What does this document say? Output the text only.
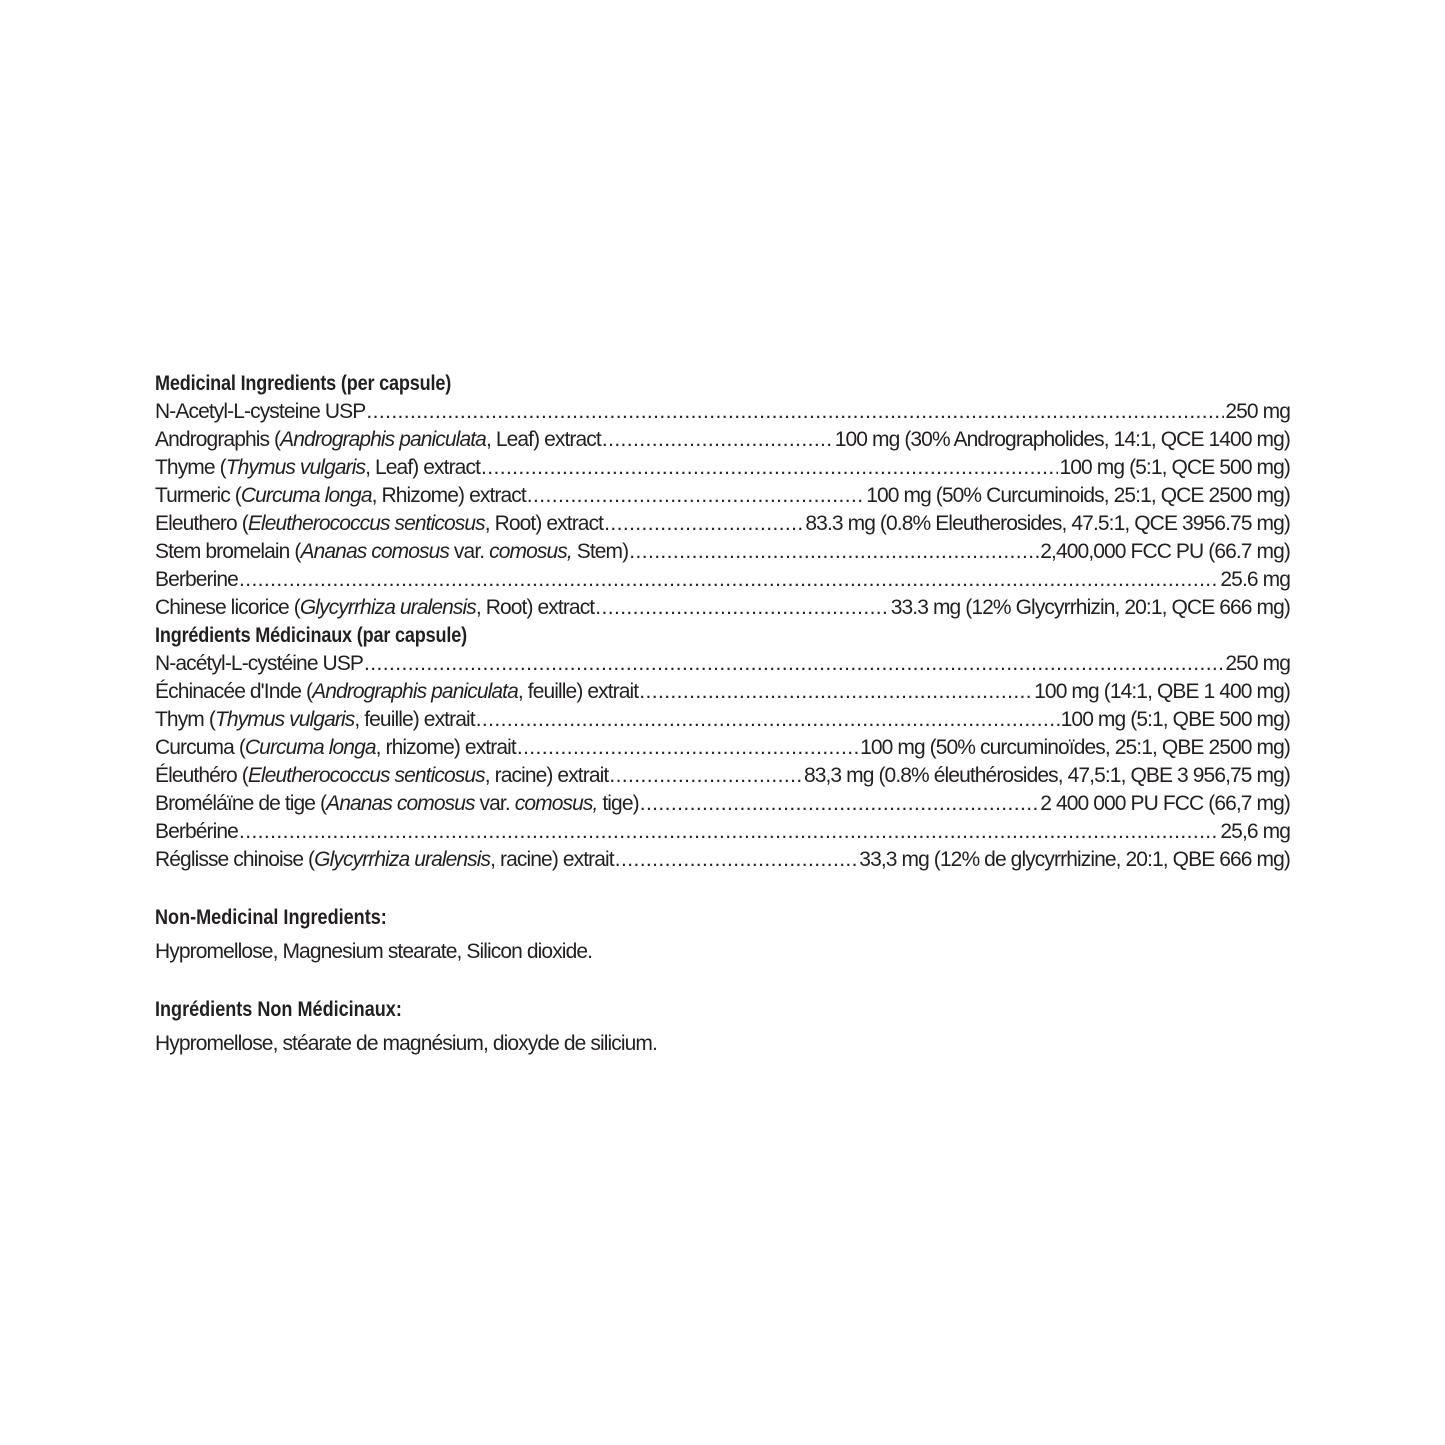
Medicinal Ingredients (per capsule)
N-Acetyl-L-cysteine USP .....	250 mg
Andrographis (Andrographis paniculata, Leaf) extract .....	100 mg (30% Andrographolides, 14:1, QCE 1400 mg)
Thyme (Thymus vulgaris, Leaf) extract .....	100 mg (5:1, QCE 500 mg)
Turmeric (Curcuma longa, Rhizome) extract .....	100 mg (50% Curcuminoids, 25:1, QCE 2500 mg)
Eleuthero (Eleutherococcus senticosus, Root) extract .....	83.3 mg (0.8% Eleutherosides, 47.5:1, QCE 3956.75 mg)
Stem bromelain (Ananas comosus var. comosus, Stem) .....	2,400,000 FCC PU (66.7 mg)
Berberine .....	25.6 mg
Chinese licorice (Glycyrrhiza uralensis, Root) extract .....	33.3 mg (12% Glycyrrhizin, 20:1, QCE 666 mg)
Ingrédients Médicinaux (par capsule)
N-acétyl-L-cystéine USP .....	250 mg
Échinacée d'Inde (Andrographis paniculata, feuille) extrait .....	100 mg (14:1, QBE 1 400 mg)
Thym (Thymus vulgaris, feuille) extrait .....	100 mg (5:1, QBE 500 mg)
Curcuma (Curcuma longa, rhizome) extrait .....	100 mg (50% curcuminoïdes, 25:1, QBE 2500 mg)
Éleuthéro (Eleutherococcus senticosus, racine) extrait .....	83,3 mg (0.8% éleuthérosides, 47,5:1, QBE 3 956,75 mg)
Broméláïne de tige (Ananas comosus var. comosus, tige) .....	2 400 000 PU FCC (66,7 mg)
Berbérine .....	25,6 mg
Réglisse chinoise (Glycyrrhiza uralensis, racine) extrait .....	33,3 mg (12% de glycyrrhizine, 20:1, QBE 666 mg)
Non-Medicinal Ingredients:
Hypromellose, Magnesium stearate, Silicon dioxide.
Ingrédients Non Médicinaux:
Hypromellose, stéarate de magnésium, dioxyde de silicium.
